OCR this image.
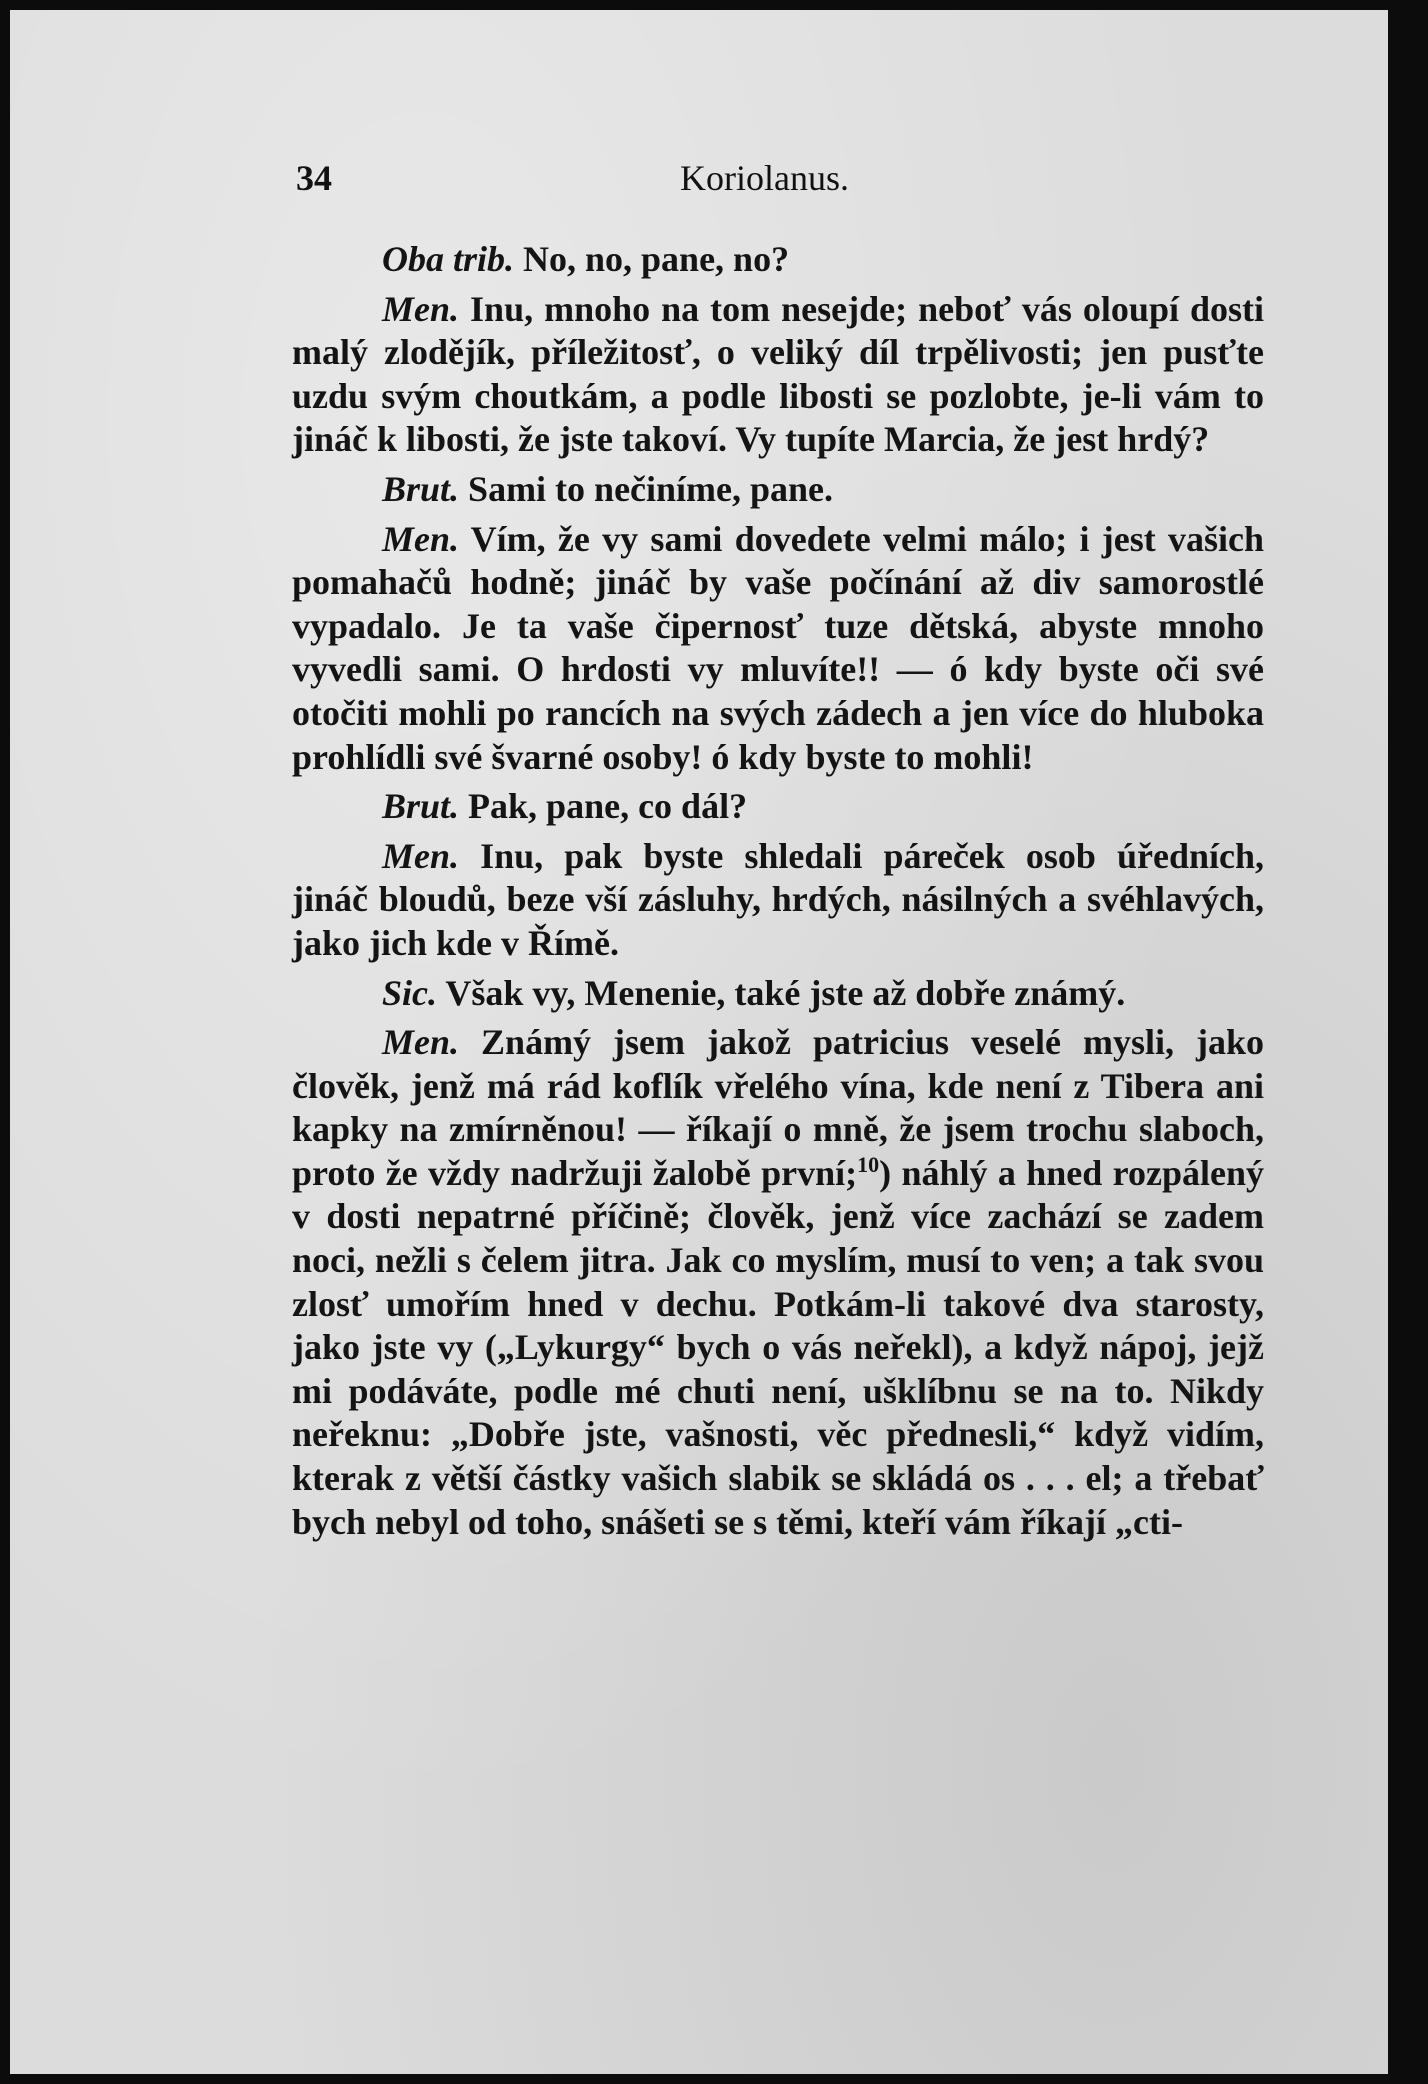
34	Koriolanus.

Oba trib. No, no, pane, no?

Men. Inu, mnoho na tom nesejde; neboť vás oloupí dosti malý zlodějík, příležitosť, o veliký díl trpělivosti; jen pusťte uzdu svým choutkám, a podle libosti se pozlobte, je-li vám to jináč k libosti, že jste takoví. Vy tupíte Marcia, že jest hrdý?

Brut. Sami to nečiníme, pane.

Men. Vím, že vy sami dovedete velmi málo; i jest vašich pomahačů hodně; jináč by vaše počínání až div samorostlé vypadalo. Je ta vaše čipernosť tuze dětská, abyste mnoho vyvedli sami. O hrdosti vy mluvíte!! — ó kdy byste oči své otočiti mohli po rancích na svých zádech a jen více do hluboka prohlídli své švarné osoby! ó kdy byste to mohli!

Brut. Pak, pane, co dál?

Men. Inu, pak byste shledali páreček osob úředních, jináč bloudů, beze vší zásluhy, hrdých, násilných a svéhlavých, jako jich kde v Římě.

Sic. Však vy, Menenie, také jste až dobře známý.

Men. Známý jsem jakož patricius veselé mysli, jako člověk, jenž má rád koflík vřelého vína, kde není z Tibera ani kapky na zmírněnou! — říkají o mně, že jsem trochu slaboch, proto že vždy nadržuji žalobě první;$^{10}$) náhlý a hned rozpálený v dosti nepatrné příčině; člověk, jenž více zachází se zadem noci, nežli s čelem jitra. Jak co myslím, musí to ven; a tak svou zlosť umořím hned v dechu. Potkám-li takové dva starosty, jako jste vy („Lykurgy“ bych o vás neřekl), a když nápoj, jejž mi podáváte, podle mé chuti není, ušklíbnu se na to. Nikdy neřeknu: „Dobře jste, vašnosti, věc přednesli,“ když vidím, kterak z větší částky vašich slabik se skládá os . . . el; a třebať bych nebyl od toho, snášeti se s těmi, kteří vám říkají „cti-
